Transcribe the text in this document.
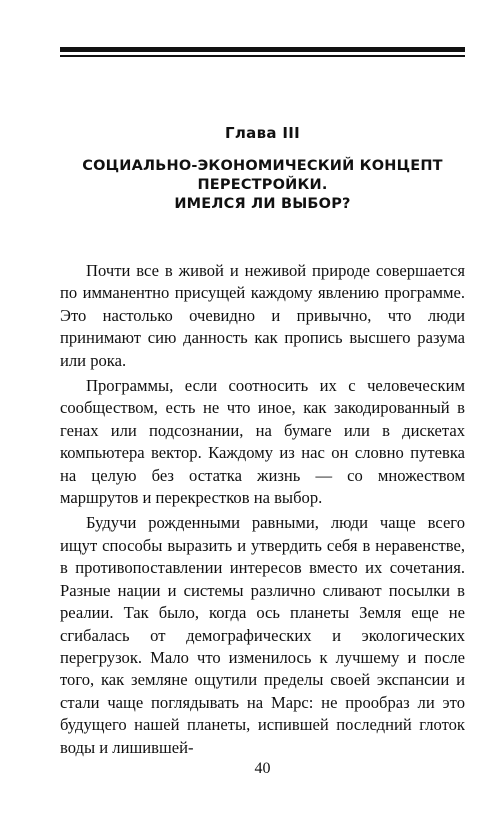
Глава III
СОЦИАЛЬНО-ЭКОНОМИЧЕСКИЙ КОНЦЕПТ
ПЕРЕСТРОЙКИ.
ИМЕЛСЯ ЛИ ВЫБОР?

Почти все в живой и неживой природе совершается по имманентно присущей каждому явлению программе. Это настолько очевидно и привычно, что люди принимают сию данность как пропись высшего разума или рока.

Программы, если соотносить их с человеческим сообществом, есть не что иное, как закодированный в генах или подсознании, на бумаге или в дискетах компьютера вектор. Каждому из нас он словно путевка на целую без остатка жизнь — со множеством маршрутов и перекрестков на выбор.

Будучи рожденными равными, люди чаще всего ищут способы выразить и утвердить себя в неравенстве, в противопоставлении интересов вместо их сочетания. Разные нации и системы различно сливают посылки в реалии. Так было, когда ось планеты Земля еще не сгибалась от демографических и экологических перегрузок. Мало что изменилось к лучшему и после того, как земляне ощутили пределы своей экспансии и стали чаще поглядывать на Марс: не прообраз ли это будущего нашей планеты, испившей последний глоток воды и лишившей-

40
